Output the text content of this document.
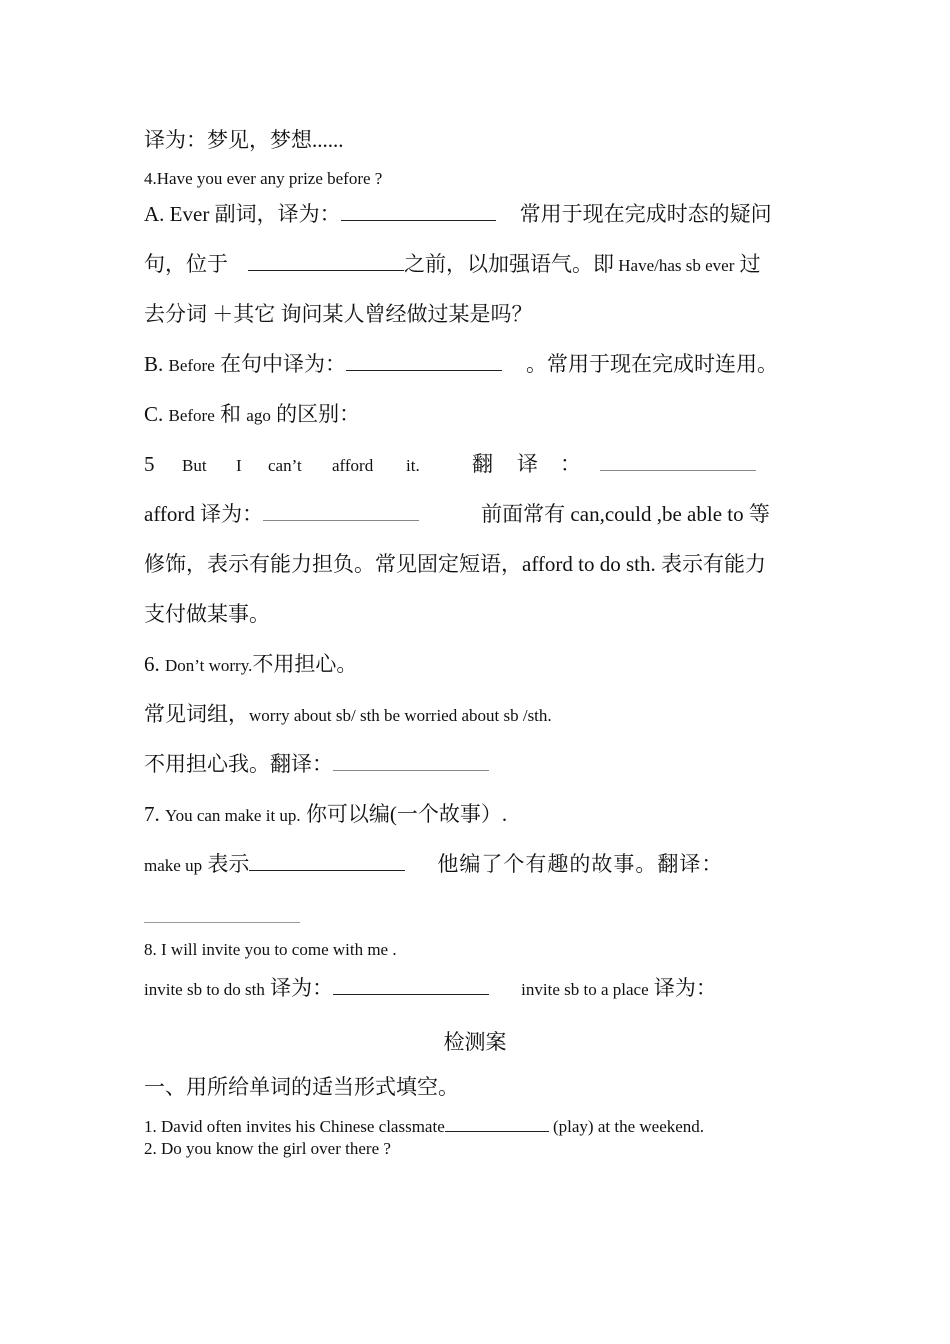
译为：梦见，梦想......
4.Have you ever any prize before ?
A. Ever 副词，译为：	常用于现在完成时态的疑问
句，位于	之前，以加强语气。即 Have/has sb ever 过
去分词 ＋其它 询问某人曾经做过某是吗？
B. Before 在句中译为：	。常用于现在完成时连用。
C. Before 和 ago 的区别：
5 But I can’t afford it. 翻 译 ：
afford 译为：	前面常有 can,could ,be able to 等
修饰，表示有能力担负。常见固定短语，afford to do sth. 表示有能力
支付做某事。
6. Don’t worry.不用担心。
常见词组，worry about sb/ sth be worried about sb /sth.
不用担心我。翻译：
7. You can make it up. 你可以编(一个故事）.
make up 表示	他编了个有趣的故事。翻译：
8. I will invite you to come with me .
invite sb to do sth 译为：	invite sb to a place 译为：
检测案
一、用所给单词的适当形式填空。
1. David often invites his Chinese classmate	(play) at the weekend.
2. Do you know the girl over there ?
